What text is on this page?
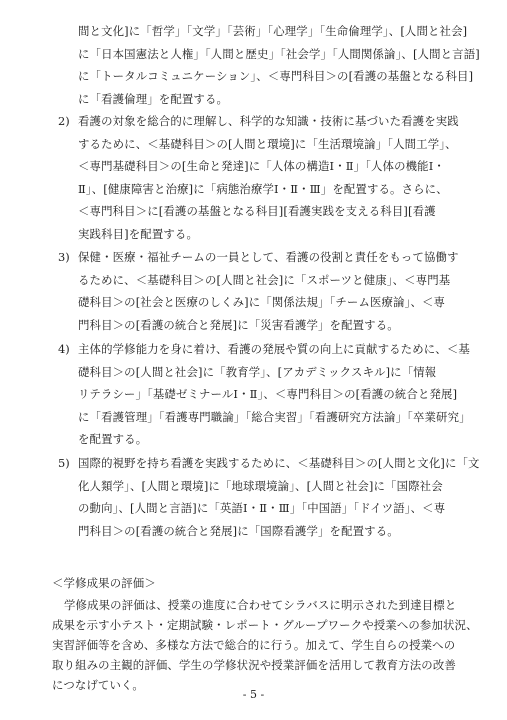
間と文化]に「哲学」「文学」「芸術」「心理学」「生命倫理学」、[人間と社会]
に「日本国憲法と人権」「人間と歴史」「社会学」「人間関係論」、[人間と言語]
に「トータルコミュニケーション」、＜専門科目＞の[看護の基盤となる科目]
に「看護倫理」を配置する。
2) 看護の対象を総合的に理解し、科学的な知識・技術に基づいた看護を実践
するために、＜基礎科目＞の[人間と環境]に「生活環境論」「人間工学」、
＜専門基礎科目＞の[生命と発達]に「人体の構造Ⅰ・Ⅱ」「人体の機能Ⅰ・
Ⅱ」、[健康障害と治療]に「病態治療学Ⅰ・Ⅱ・Ⅲ」を配置する。さらに、
＜専門科目＞に[看護の基盤となる科目][看護実践を支える科目][看護
実践科目]を配置する。
3) 保健・医療・福祉チームの一員として、看護の役割と責任をもって協働す
るために、＜基礎科目＞の[人間と社会]に「スポーツと健康」、＜専門基
礎科目＞の[社会と医療のしくみ]に「関係法規」「チーム医療論」、＜専
門科目＞の[看護の統合と発展]に「災害看護学」を配置する。
4) 主体的学修能力を身に着け、看護の発展や質の向上に貢献するために、＜基
礎科目＞の[人間と社会]に「教育学」、[アカデミックスキル]に「情報
リテラシー」「基礎ゼミナールⅠ・Ⅱ」、＜専門科目＞の[看護の統合と発展]
に「看護管理」「看護専門職論」「総合実習」「看護研究方法論」「卒業研究」
を配置する。
5) 国際的視野を持ち看護を実践するために、＜基礎科目＞の[人間と文化]に「文
化人類学」、[人間と環境]に「地球環境論」、[人間と社会]に「国際社会
の動向」、[人間と言語]に「英語Ⅰ・Ⅱ・Ⅲ」「中国語」「ドイツ語」、＜専
門科目＞の[看護の統合と発展]に「国際看護学」を配置する。
＜学修成果の評価＞
学修成果の評価は、授業の進度に合わせてシラバスに明示された到達目標と
成果を示す小テスト・定期試験・レポート・グループワークや授業への参加状況、
実習評価等を含め、多様な方法で総合的に行う。加えて、学生自らの授業への
取り組みの主観的評価、学生の学修状況や授業評価を活用して教育方法の改善
につなげていく。
- 5 -
